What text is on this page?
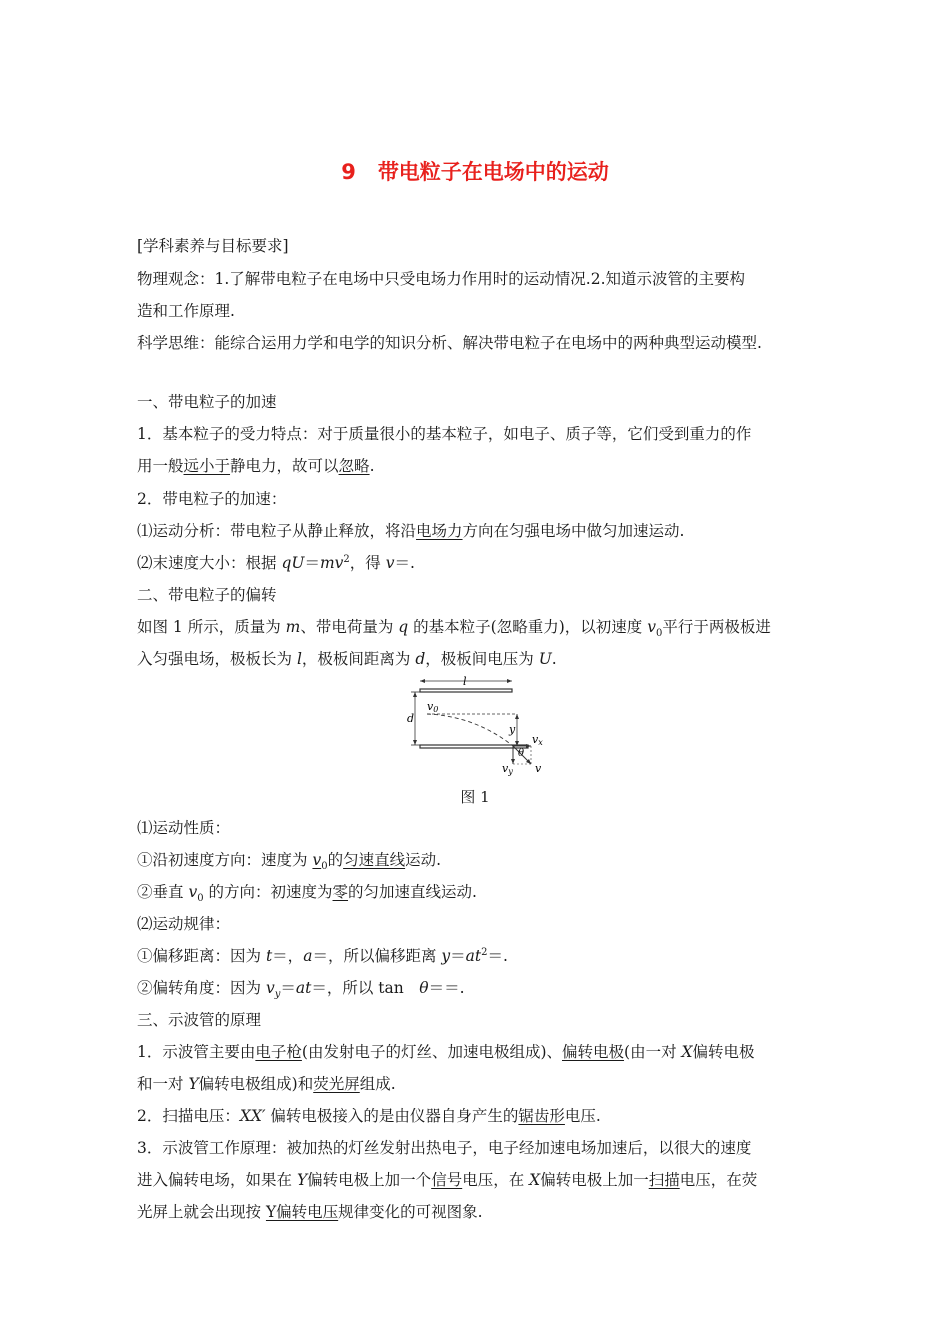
9 带电粒子在电场中的运动
[学科素养与目标要求]
物理观念：1.了解带电粒子在电场中只受电场力作用时的运动情况.2.知道示波管的主要构
造和工作原理.
科学思维：能综合运用力学和电学的知识分析、解决带电粒子在电场中的两种典型运动模型.
一、带电粒子的加速
1．基本粒子的受力特点：对于质量很小的基本粒子，如电子、质子等，它们受到重力的作
用一般远小于静电力，故可以忽略.
2．带电粒子的加速：
⑴运动分析：带电粒子从静止释放，将沿电场力方向在匀强电场中做匀加速运动.
⑵末速度大小：根据 $qU=mv^2$，得 v＝.
二、带电粒子的偏转
如图 1 所示，质量为 m、带电荷量为 q 的基本粒子(忽略重力)，以初速度 $v_0$平行于两极板进
入匀强电场，极板长为 l，极板间距离为 d，极板间电压为 U.
l
d
v0
y
vx
vy v
θ
图 1
⑴运动性质：
①沿初速度方向：速度为 $v_0$的匀速直线运动.
②垂直 $v_0$ 的方向：初速度为零的匀加速直线运动.
⑵运动规律：
①偏移距离：因为 t＝，a＝，所以偏移距离 $y=at^2=$.
②偏转角度：因为 $v_y=at=$，所以 tan　θ＝＝.
三、示波管的原理
1．示波管主要由电子枪(由发射电子的灯丝、加速电极组成)、偏转电极(由一对 X偏转电极
和一对 Y偏转电极组成)和荧光屏组成.
2．扫描电压：XX′ 偏转电极接入的是由仪器自身产生的锯齿形电压.
3．示波管工作原理：被加热的灯丝发射出热电子，电子经加速电场加速后，以很大的速度
进入偏转电场，如果在 Y偏转电极上加一个信号电压，在 X偏转电极上加一扫描电压，在荧
光屏上就会出现按 Y偏转电压规律变化的可视图象.
